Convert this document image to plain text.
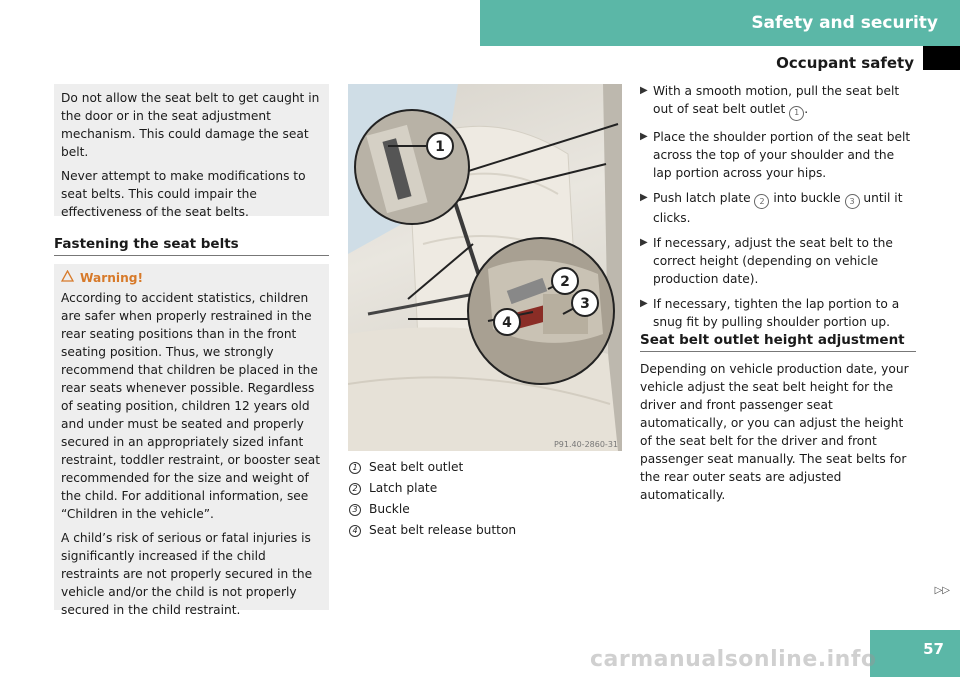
Safety and security
Occupant safety

Do not allow the seat belt to get caught in the door or in the seat adjustment mechanism. This could damage the seat belt.

Never attempt to make modifications to seat belts. This could impair the effectiveness of the seat belts.

Fastening the seat belts
Warning!

According to accident statistics, children are safer when properly restrained in the rear seating positions than in the front seating position. Thus, we strongly recommend that children be placed in the rear seats whenever possible. Regardless of seating position, children 12 years old and under must be seated and properly secured in an appropriately sized infant restraint, toddler restraint, or booster seat recommended for the size and weight of the child. For additional information, see “Children in the vehicle”.

A child’s risk of serious or fatal injuries is significantly increased if the child restraints are not properly secured in the vehicle and/or the child is not properly secured in the child restraint.

1
2
3
4
P91.40-2860-31
1 Seat belt outlet
2 Latch plate
3 Buckle
4 Seat belt release button
▶ With a smooth motion, pull the seat belt out of seat belt outlet 1 .
▶ Place the shoulder portion of the seat belt across the top of your shoulder and the lap portion across your hips.
▶ Push latch plate 2 into buckle 3 until it clicks.
▶ If necessary, adjust the seat belt to the correct height (depending on vehicle production date).
▶ If necessary, tighten the lap portion to a snug fit by pulling shoulder portion up.
Seat belt outlet height adjustment
Depending on vehicle production date, your vehicle adjust the seat belt height for the driver and front passenger seat automatically, or you can adjust the height of the seat belt for the driver and front passenger seat manually. The seat belts for the rear outer seats are adjusted automatically.
▷▷
57
carmanualsonline.info
